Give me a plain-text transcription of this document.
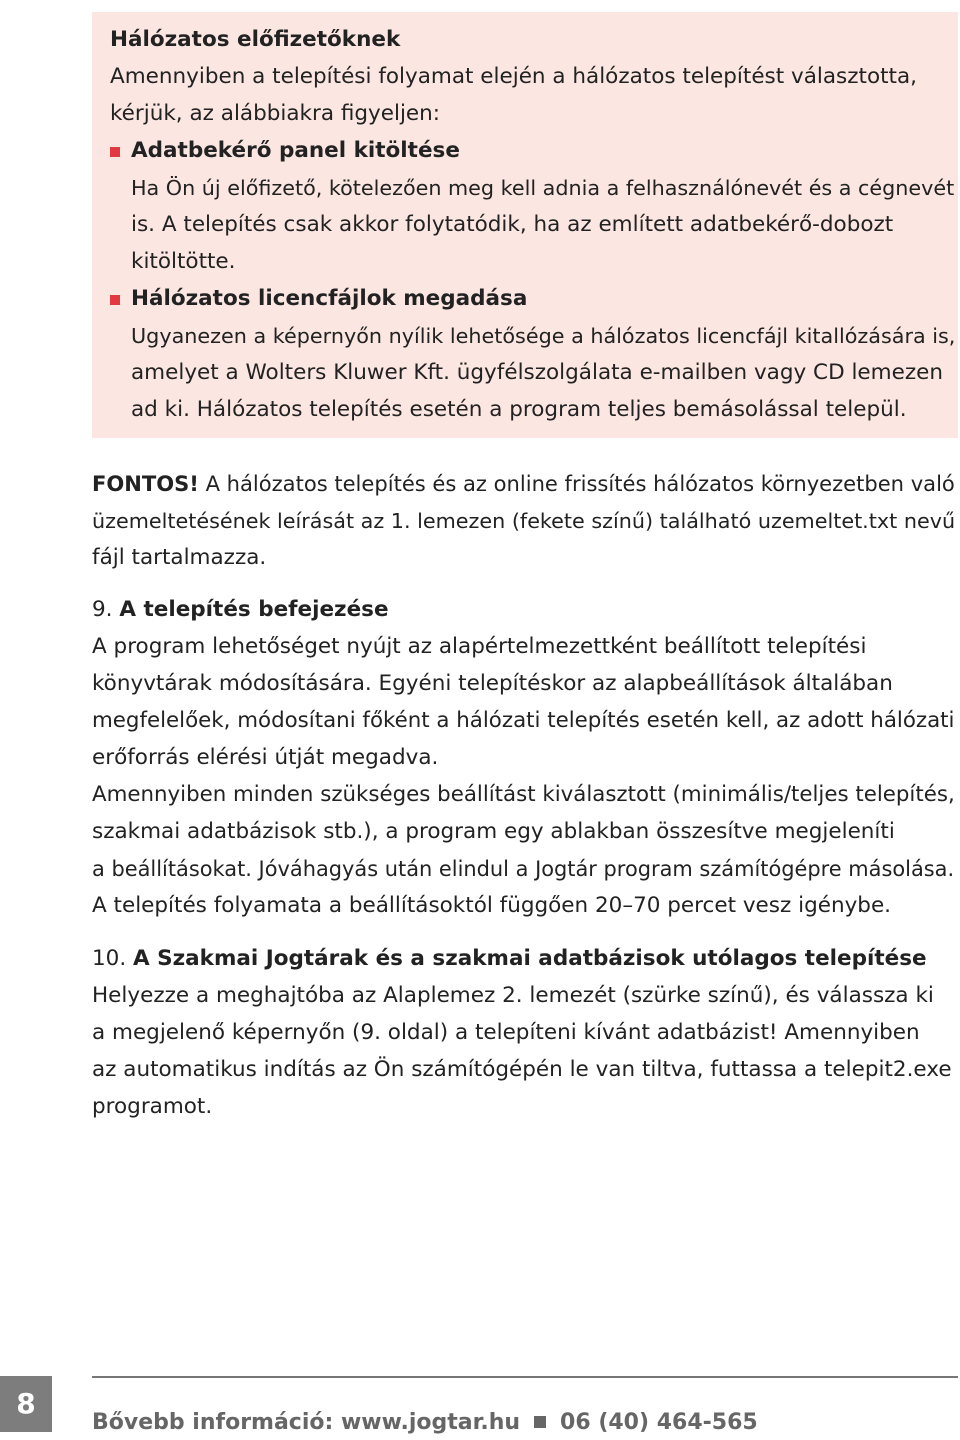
Hálózatos előfizetőknek
Amennyiben a telepítési folyamat elején a hálózatos telepítést választotta,
kérjük, az alábbiakra figyeljen:
Adatbekérő panel kitöltése
Ha Ön új előfizető, kötelezően meg kell adnia a felhasználónevét és a cégnevét
is. A telepítés csak akkor folytatódik, ha az említett adatbekérő-dobozt
kitöltötte.
Hálózatos licencfájlok megadása
Ugyanezen a képernyőn nyílik lehetősége a hálózatos licencfájl kitallózására is,
amelyet a Wolters Kluwer Kft. ügyfélszolgálata e-mailben vagy CD lemezen
ad ki. Hálózatos telepítés esetén a program teljes bemásolással települ.
FONTOS! A hálózatos telepítés és az online frissítés hálózatos környezetben való
üzemeltetésének leírását az 1. lemezen (fekete színű) található uzemeltet.txt nevű
fájl tartalmazza.
9. A telepítés befejezése
A program lehetőséget nyújt az alapértelmezettként beállított telepítési
könyvtárak módosítására. Egyéni telepítéskor az alapbeállítások általában
megfelelőek, módosítani főként a hálózati telepítés esetén kell, az adott hálózati
erőforrás elérési útját megadva.
Amennyiben minden szükséges beállítást kiválasztott (minimális/teljes telepítés,
szakmai adatbázisok stb.), a program egy ablakban összesítve megjeleníti
a beállításokat. Jóváhagyás után elindul a Jogtár program számítógépre másolása.
A telepítés folyamata a beállításoktól függően 20–70 percet vesz igénybe.
10. A Szakmai Jogtárak és a szakmai adatbázisok utólagos telepítése
Helyezze a meghajtóba az Alaplemez 2. lemezét (szürke színű), és válassza ki
a megjelenő képernyőn (9. oldal) a telepíteni kívánt adatbázist! Amennyiben
az automatikus indítás az Ön számítógépén le van tiltva, futtassa a telepit2.exe
programot.
8
Bővebb információ: www.jogtar.hu 06 (40) 464-565
